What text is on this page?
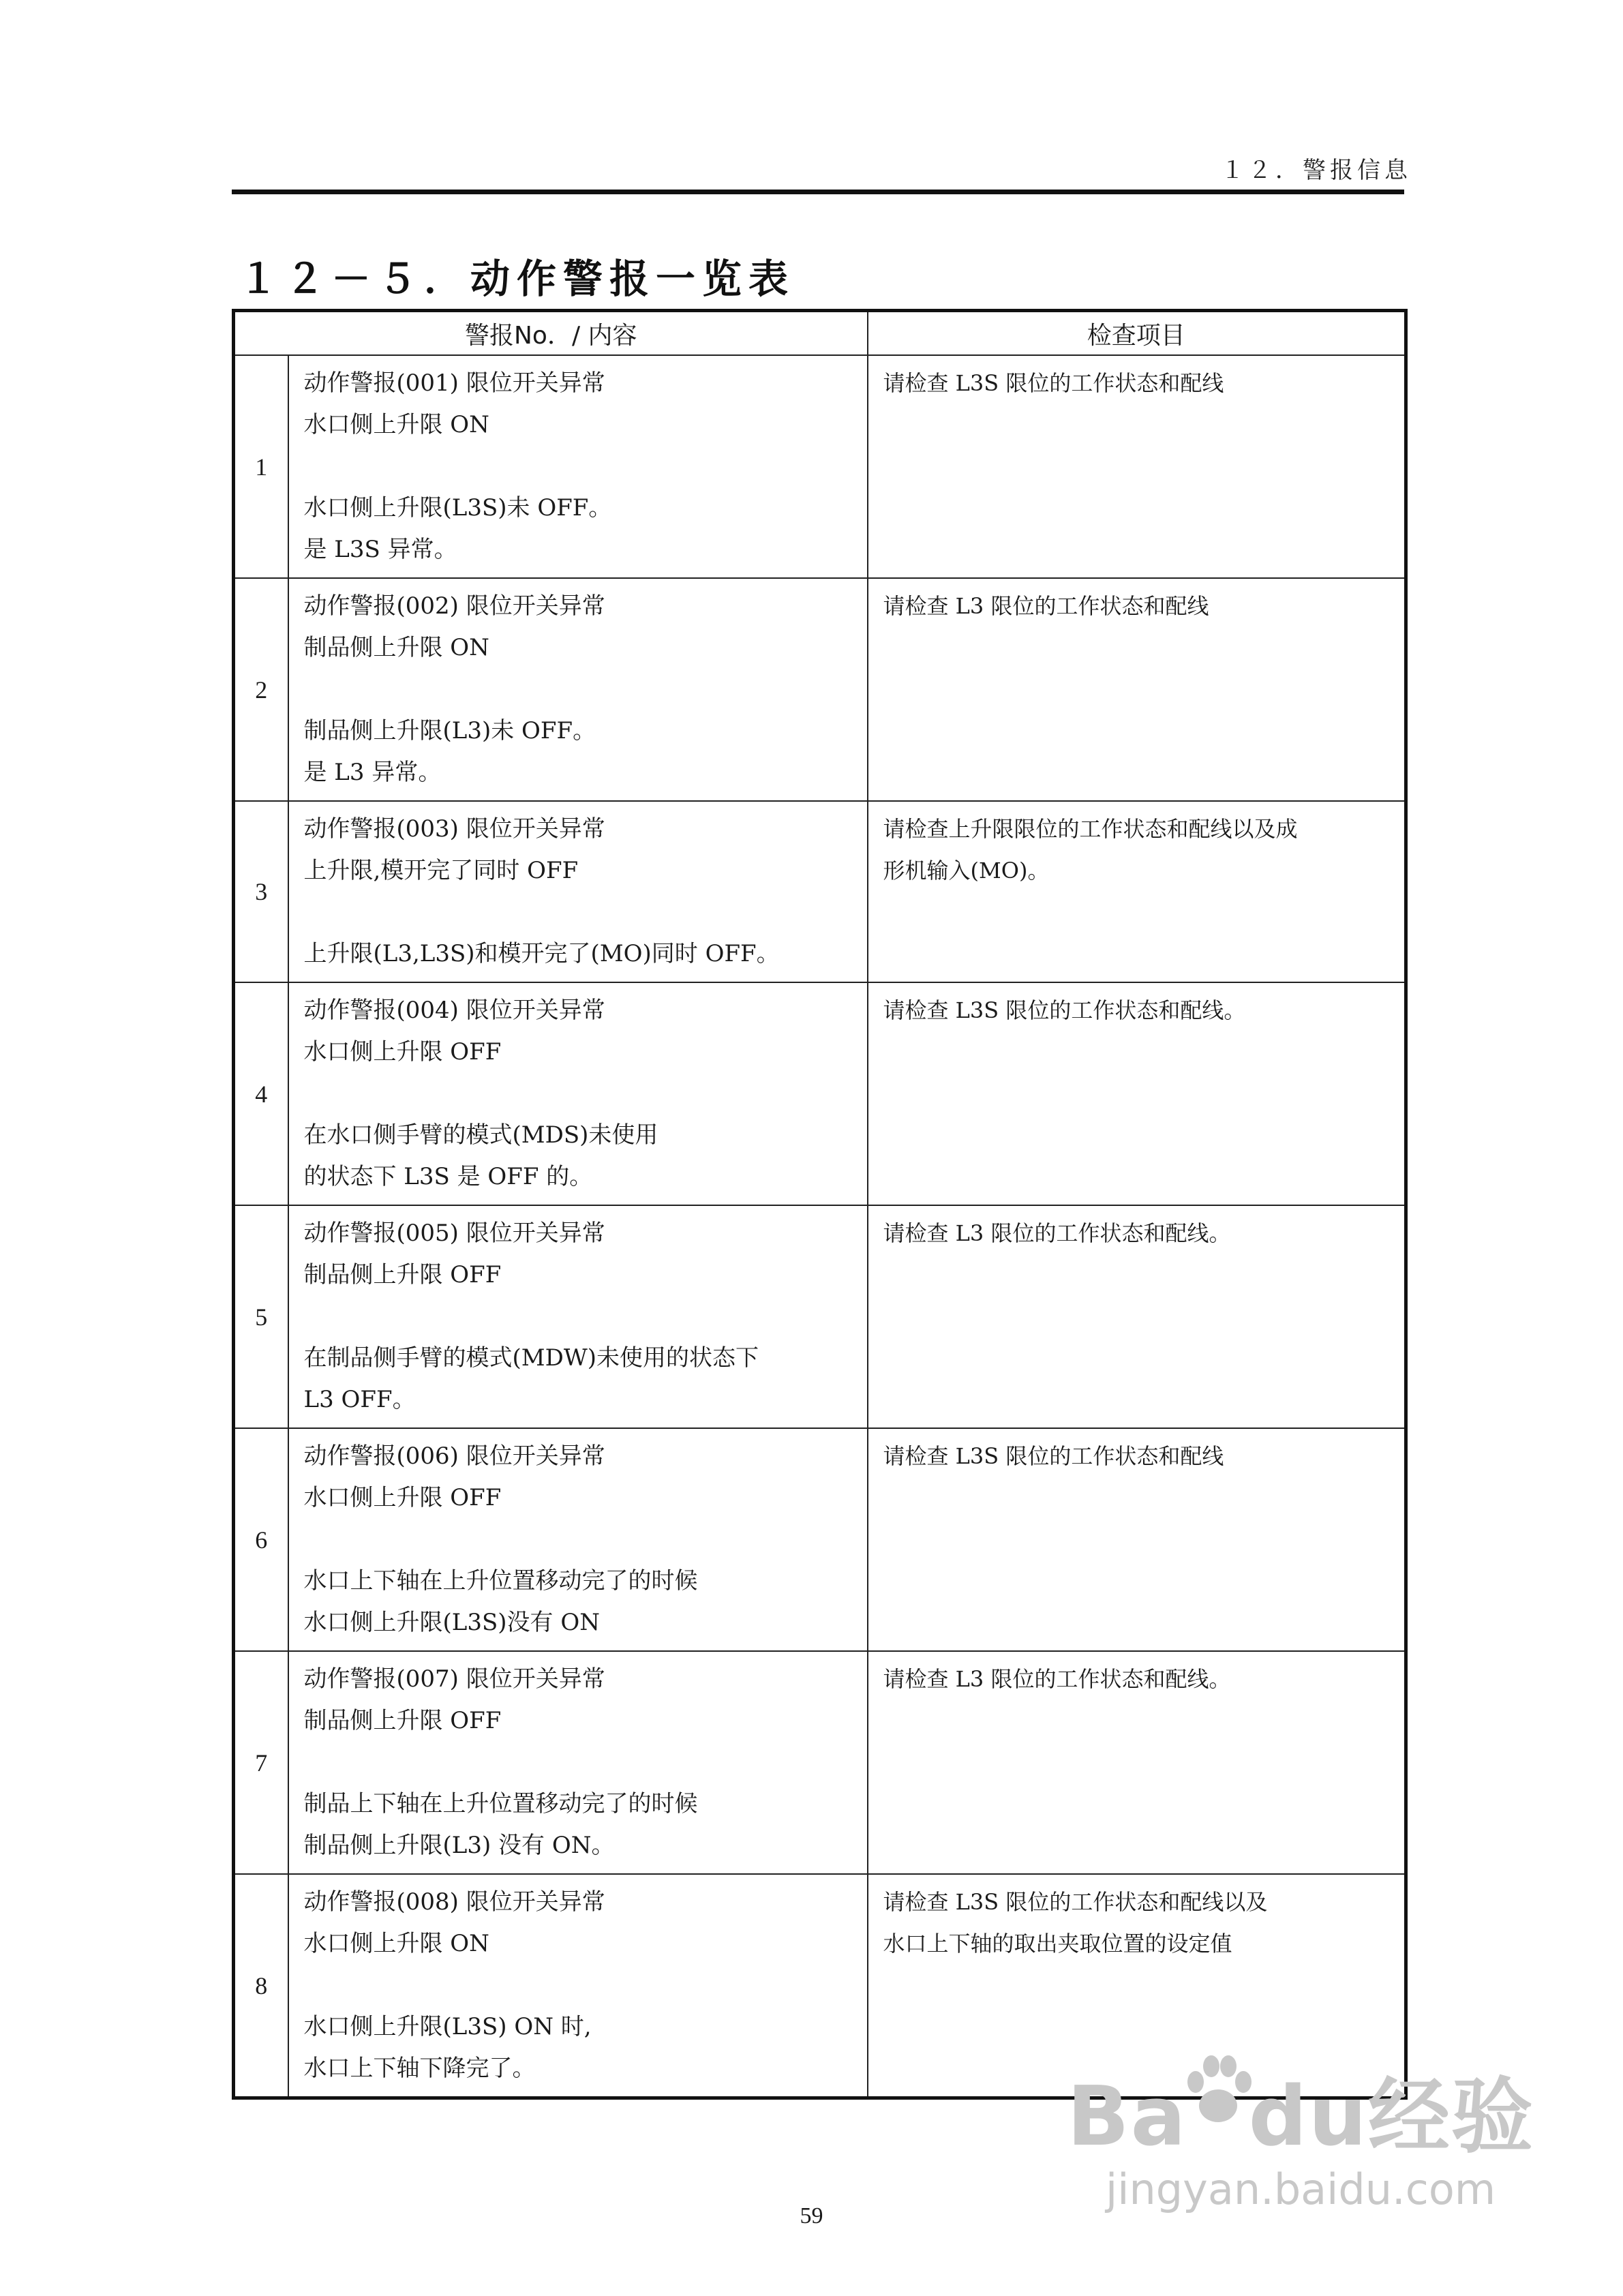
１２．警报信息
１２－５．动作警报一览表
警报No．/ 内容		检查项目
1	动作警报(001) 限位开关异常
水口侧上升限 ON
水口侧上升限(L3S)未 OFF。
是 L3S 异常。	请检查 L3S 限位的工作状态和配线

2	动作警报(002) 限位开关异常
制品侧上升限 ON
制品侧上升限(L3)未 OFF。
是 L3 异常。	请检查 L3 限位的工作状态和配线

3	动作警报(003) 限位开关异常
上升限,模开完了同时 OFF
上升限(L3,L3S)和模开完了(MO)同时 OFF。	请检查上升限限位的工作状态和配线以及成
形机输入(MO)。

4	动作警报(004) 限位开关异常
水口侧上升限 OFF
在水口侧手臂的模式(MDS)未使用
的状态下 L3S 是 OFF 的。	请检查 L3S 限位的工作状态和配线。

5	动作警报(005) 限位开关异常
制品侧上升限 OFF
在制品侧手臂的模式(MDW)未使用的状态下
L3 OFF。	请检查 L3 限位的工作状态和配线。

6	动作警报(006) 限位开关异常
水口侧上升限 OFF
水口上下轴在上升位置移动完了的时候
水口侧上升限(L3S)没有 ON	请检查 L3S 限位的工作状态和配线

7	动作警报(007) 限位开关异常
制品侧上升限 OFF
制品上下轴在上升位置移动完了的时候
制品侧上升限(L3) 没有 ON。	请检查 L3 限位的工作状态和配线。

8	动作警报(008) 限位开关异常
水口侧上升限 ON
水口侧上升限(L3S) ON 时,
水口上下轴下降完了。	请检查 L3S 限位的工作状态和配线以及
水口上下轴的取出夹取位置的设定值
59
Ba du经验
jingyan.baidu.com
